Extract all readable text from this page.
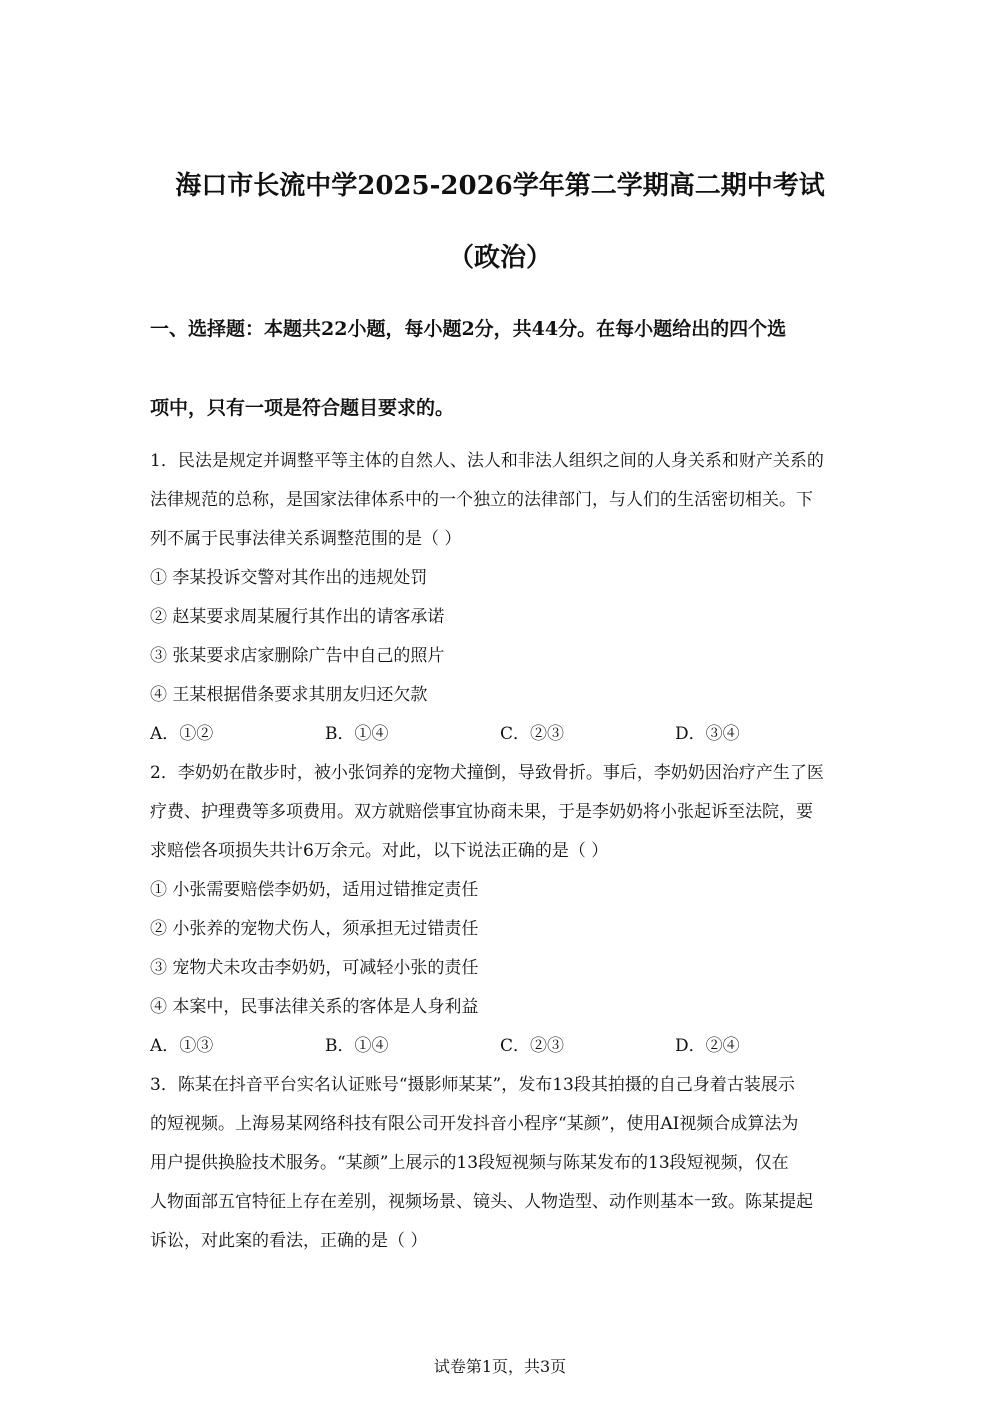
海口市长流中学2025-2026学年第二学期高二期中考试
（政治）
一、选择题：本题共22小题，每小题2分，共44分。在每小题给出的四个选
项中，只有一项是符合题目要求的。
1．民法是规定并调整平等主体的自然人、法人和非法人组织之间的人身关系和财产关系的
法律规范的总称，是国家法律体系中的一个独立的法律部门，与人们的生活密切相关。下
列不属于民事法律关系调整范围的是（ ）
① 李某投诉交警对其作出的违规处罚
② 赵某要求周某履行其作出的请客承诺
③ 张某要求店家删除广告中自己的照片
④ 王某根据借条要求其朋友归还欠款
A．①②	B．①④	C．②③	D．③④
2．李奶奶在散步时，被小张饲养的宠物犬撞倒，导致骨折。事后，李奶奶因治疗产生了医
疗费、护理费等多项费用。双方就赔偿事宜协商未果，于是李奶奶将小张起诉至法院，要
求赔偿各项损失共计6万余元。对此，以下说法正确的是（ ）
① 小张需要赔偿李奶奶，适用过错推定责任
② 小张养的宠物犬伤人，须承担无过错责任
③ 宠物犬未攻击李奶奶，可减轻小张的责任
④ 本案中，民事法律关系的客体是人身利益
A．①③	B．①④	C．②③	D．②④
3．陈某在抖音平台实名认证账号“摄影师某某”，发布13段其拍摄的自己身着古装展示
的短视频。上海易某网络科技有限公司开发抖音小程序“某颜”，使用AI视频合成算法为
用户提供换脸技术服务。“某颜”上展示的13段短视频与陈某发布的13段短视频，仅在
人物面部五官特征上存在差别，视频场景、镜头、人物造型、动作则基本一致。陈某提起
诉讼，对此案的看法，正确的是（ ）
试卷第1页，共3页
